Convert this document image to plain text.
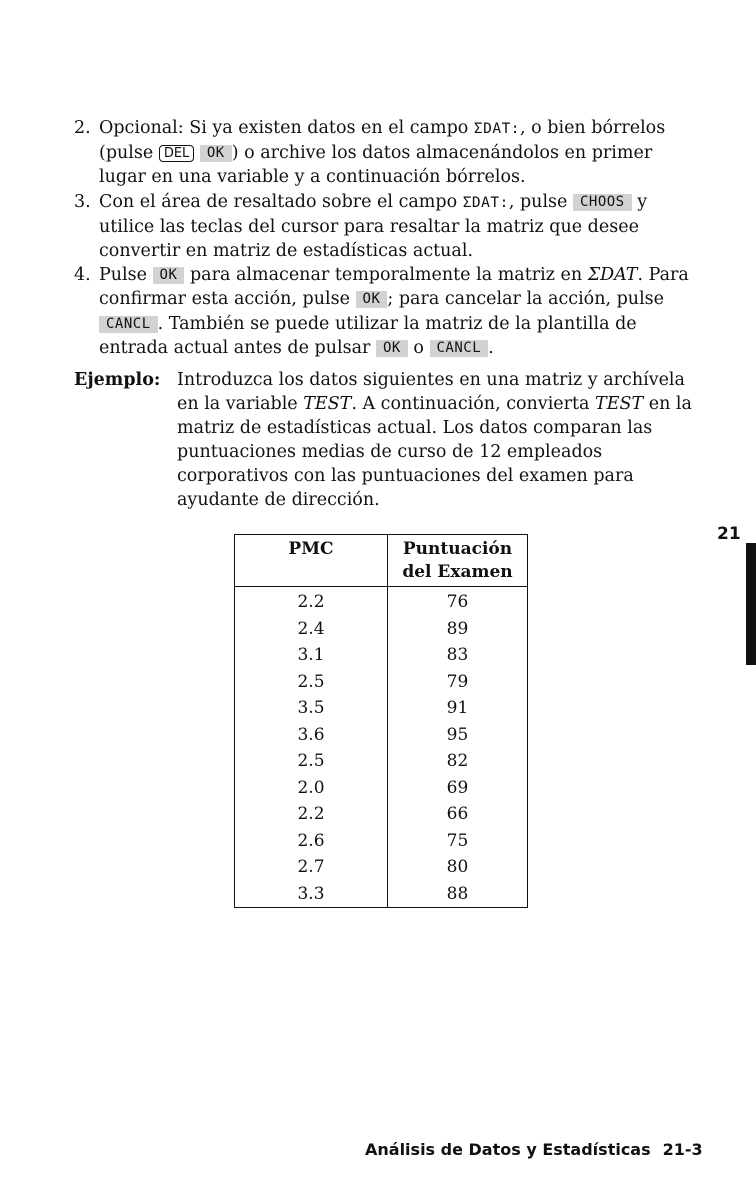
2. Opcional: Si ya existen datos en el campo ΣDAT:, o bien bórrelos (pulse DEL OK ) o archive los datos almacenándolos en primer lugar en una variable y a continuación bórrelos.
3. Con el área de resaltado sobre el campo ΣDAT:, pulse CHOOS y utilice las teclas del cursor para resaltar la matriz que desee convertir en matriz de estadísticas actual.
4. Pulse OK para almacenar temporalmente la matriz en ΣDAT. Para confirmar esta acción, pulse OK ; para cancelar la acción, pulse CANCL . También se puede utilizar la matriz de la plantilla de entrada actual antes de pulsar OK o CANCL .
Ejemplo: Introduzca los datos siguientes en una matriz y archívela en la variable TEST. A continuación, convierta TEST en la matriz de estadísticas actual. Los datos comparan las puntuaciones medias de curso de 12 empleados corporativos con las puntuaciones del examen para ayudante de dirección.
PMC	Puntuación del Examen
2.2	76
2.4	89
3.1	83
2.5	79
3.5	91
3.6	95
2.5	82
2.0	69
2.2	66
2.6	75
2.7	80
3.3	88
21
Análisis de Datos y Estadísticas 21-3
